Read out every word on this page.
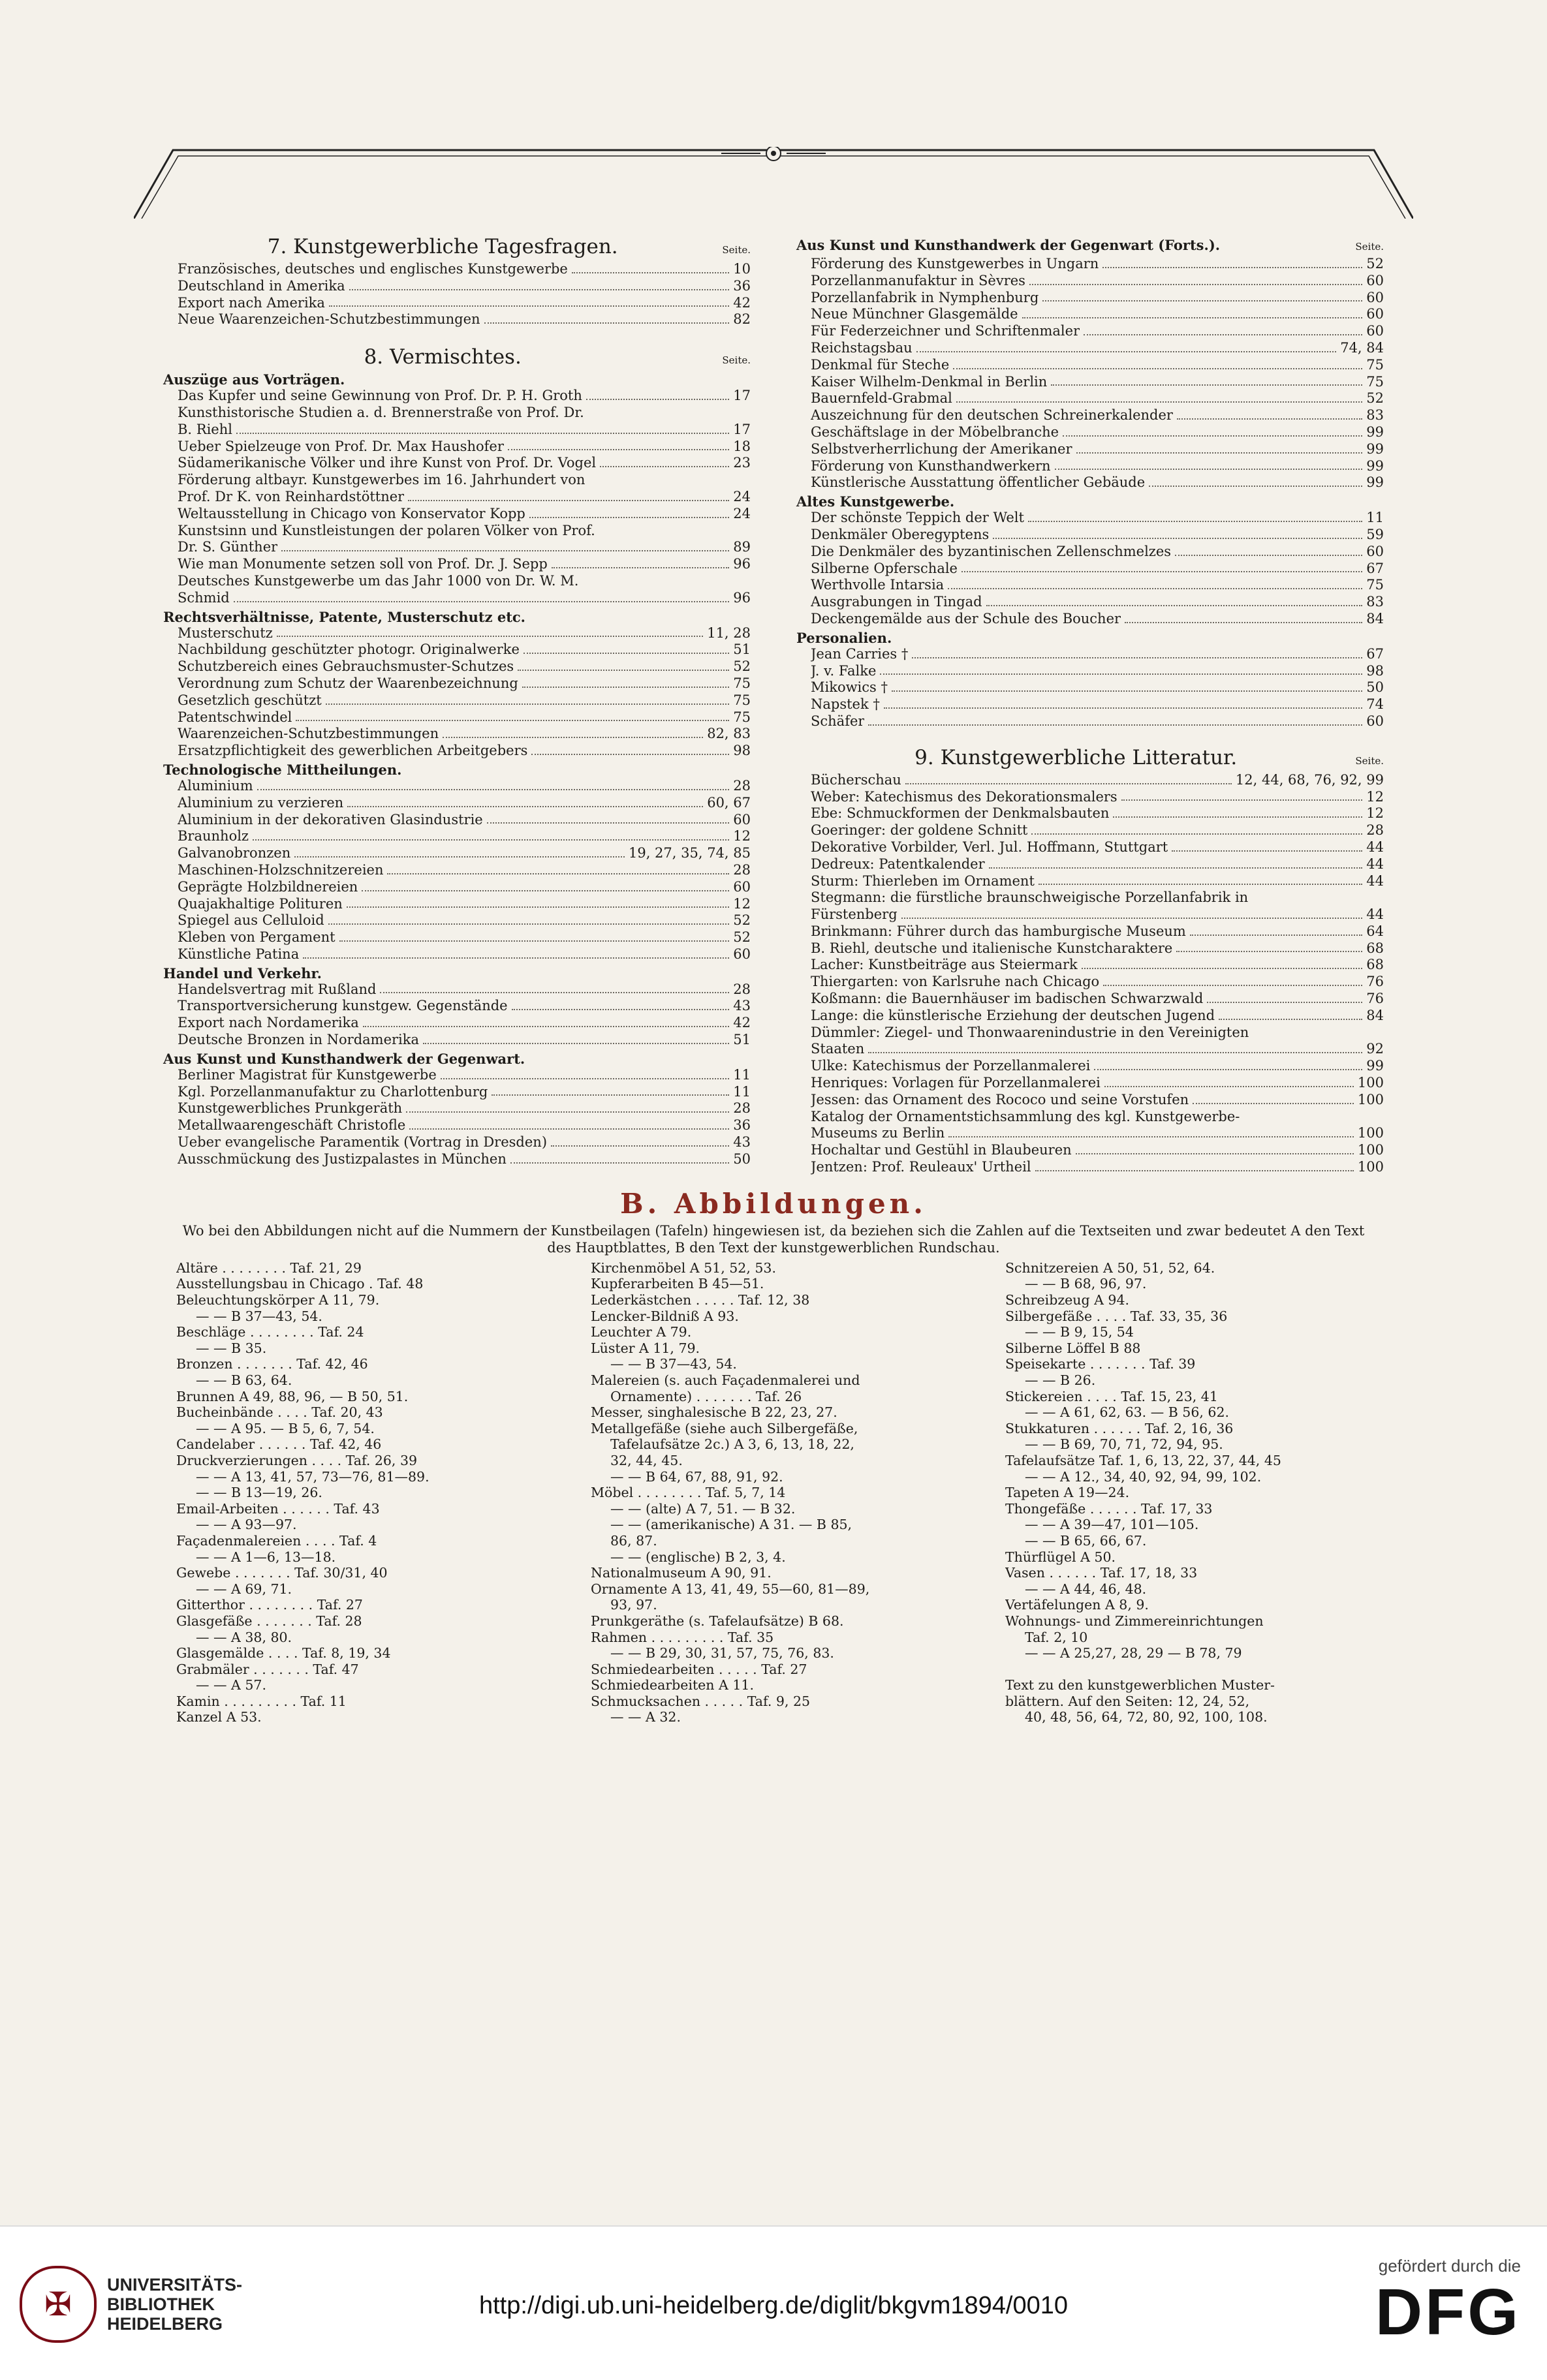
7. Kunstgewerbliche Tagesfragen.	Seite.
Französisches, deutsches und englisches Kunstgewerbe	10
Deutschland in Amerika	36
Export nach Amerika	42
Neue Waarenzeichen-Schutzbestimmungen	82
8. Vermischtes.	Seite.
Auszüge aus Vorträgen.
Das Kupfer und seine Gewinnung von Prof. Dr. P. H. Groth	17
Kunsthistorische Studien a. d. Brennerstraße von Prof. Dr.
B. Riehl	17
Ueber Spielzeuge von Prof. Dr. Max Haushofer	18
Südamerikanische Völker und ihre Kunst von Prof. Dr. Vogel	23
Förderung altbayr. Kunstgewerbes im 16. Jahrhundert von
Prof. Dr K. von Reinhardstöttner	24
Weltausstellung in Chicago von Konservator Kopp	24
Kunstsinn und Kunstleistungen der polaren Völker von Prof.
Dr. S. Günther	89
Wie man Monumente setzen soll von Prof. Dr. J. Sepp	96
Deutsches Kunstgewerbe um das Jahr 1000 von Dr. W. M.
Schmid	96
Rechtsverhältnisse, Patente, Musterschutz etc.
Musterschutz	11, 28
Nachbildung geschützter photogr. Originalwerke	51
Schutzbereich eines Gebrauchsmuster-Schutzes	52
Verordnung zum Schutz der Waarenbezeichnung	75
Gesetzlich geschützt	75
Patentschwindel	75
Waarenzeichen-Schutzbestimmungen	82, 83
Ersatzpflichtigkeit des gewerblichen Arbeitgebers	98
Technologische Mittheilungen.
Aluminium	28
Aluminium zu verzieren	60, 67
Aluminium in der dekorativen Glasindustrie	60
Braunholz	12
Galvanobronzen	19, 27, 35, 74, 85
Maschinen-Holzschnitzereien	28
Geprägte Holzbildnereien	60
Quajakhaltige Polituren	12
Spiegel aus Celluloid	52
Kleben von Pergament	52
Künstliche Patina	60
Handel und Verkehr.
Handelsvertrag mit Rußland	28
Transportversicherung kunstgew. Gegenstände	43
Export nach Nordamerika	42
Deutsche Bronzen in Nordamerika	51
Aus Kunst und Kunsthandwerk der Gegenwart.
Berliner Magistrat für Kunstgewerbe	11
Kgl. Porzellanmanufaktur zu Charlottenburg	11
Kunstgewerbliches Prunkgeräth	28
Metallwaarengeschäft Christofle	36
Ueber evangelische Paramentik (Vortrag in Dresden)	43
Ausschmückung des Justizpalastes in München	50
Aus Kunst und Kunsthandwerk der Gegenwart (Forts.).	Seite.
Förderung des Kunstgewerbes in Ungarn	52
Porzellanmanufaktur in Sèvres	60
Porzellanfabrik in Nymphenburg	60
Neue Münchner Glasgemälde	60
Für Federzeichner und Schriftenmaler	60
Reichstagsbau	74, 84
Denkmal für Steche	75
Kaiser Wilhelm-Denkmal in Berlin	75
Bauernfeld-Grabmal	52
Auszeichnung für den deutschen Schreinerkalender	83
Geschäftslage in der Möbelbranche	99
Selbstverherrlichung der Amerikaner	99
Förderung von Kunsthandwerkern	99
Künstlerische Ausstattung öffentlicher Gebäude	99
Altes Kunstgewerbe.
Der schönste Teppich der Welt	11
Denkmäler Oberegyptens	59
Die Denkmäler des byzantinischen Zellenschmelzes	60
Silberne Opferschale	67
Werthvolle Intarsia	75
Ausgrabungen in Tingad	83
Deckengemälde aus der Schule des Boucher	84
Personalien.
Jean Carries †	67
J. v. Falke	98
Mikowics †	50
Napstek †	74
Schäfer	60
9. Kunstgewerbliche Litteratur.	Seite.
Bücherschau	12, 44, 68, 76, 92, 99
Weber: Katechismus des Dekorationsmalers	12
Ebe: Schmuckformen der Denkmalsbauten	12
Goeringer: der goldene Schnitt	28
Dekorative Vorbilder, Verl. Jul. Hoffmann, Stuttgart	44
Dedreux: Patentkalender	44
Sturm: Thierleben im Ornament	44
Stegmann: die fürstliche braunschweigische Porzellanfabrik in
Fürstenberg	44
Brinkmann: Führer durch das hamburgische Museum	64
B. Riehl, deutsche und italienische Kunstcharaktere	68
Lacher: Kunstbeiträge aus Steiermark	68
Thiergarten: von Karlsruhe nach Chicago	76
Koßmann: die Bauernhäuser im badischen Schwarzwald	76
Lange: die künstlerische Erziehung der deutschen Jugend	84
Dümmler: Ziegel- und Thonwaarenindustrie in den Vereinigten
Staaten	92
Ulke: Katechismus der Porzellanmalerei	99
Henriques: Vorlagen für Porzellanmalerei	100
Jessen: das Ornament des Rococo und seine Vorstufen	100
Katalog der Ornamentstichsammlung des kgl. Kunstgewerbe-
Museums zu Berlin	100
Hochaltar und Gestühl in Blaubeuren	100
Jentzen: Prof. Reuleaux' Urtheil	100
B. Abbildungen.
Wo bei den Abbildungen nicht auf die Nummern der Kunstbeilagen (Tafeln) hingewiesen ist, da beziehen sich die Zahlen auf die Textseiten und zwar bedeutet A den Text des Hauptblattes, B den Text der kunstgewerblichen Rundschau.
Altäre . . . . . . . . Taf. 21, 29
Ausstellungsbau in Chicago . Taf. 48
Beleuchtungskörper A 11, 79.
— — B 37—43, 54.
Beschläge . . . . . . . . Taf. 24
— — B 35.
Bronzen . . . . . . . Taf. 42, 46
— — B 63, 64.
Brunnen A 49, 88, 96, — B 50, 51.
Bucheinbände . . . . Taf. 20, 43
— — A 95. — B 5, 6, 7, 54.
Candelaber . . . . . . Taf. 42, 46
Druckverzierungen . . . . Taf. 26, 39
— — A 13, 41, 57, 73—76, 81—89.
— — B 13—19, 26.
Email-Arbeiten . . . . . . Taf. 43
— — A 93—97.
Façadenmalereien . . . . Taf. 4
— — A 1—6, 13—18.
Gewebe . . . . . . . Taf. 30/31, 40
— — A 69, 71.
Gitterthor . . . . . . . . Taf. 27
Glasgefäße . . . . . . . Taf. 28
— — A 38, 80.
Glasgemälde . . . . Taf. 8, 19, 34
Grabmäler . . . . . . . Taf. 47
— — A 57.
Kamin . . . . . . . . . Taf. 11
Kanzel A 53.
Kirchenmöbel A 51, 52, 53.
Kupferarbeiten B 45—51.
Lederkästchen . . . . . Taf. 12, 38
Lencker-Bildniß A 93.
Leuchter A 79.
Lüster A 11, 79.
— — B 37—43, 54.
Malereien (s. auch Façadenmalerei und
Ornamente) . . . . . . . Taf. 26
Messer, singhalesische B 22, 23, 27.
Metallgefäße (siehe auch Silbergefäße,
Tafelaufsätze 2c.) A 3, 6, 13, 18, 22,
32, 44, 45.
— — B 64, 67, 88, 91, 92.
Möbel . . . . . . . . Taf. 5, 7, 14
— — (alte) A 7, 51. — B 32.
— — (amerikanische) A 31. — B 85,
86, 87.
— — (englische) B 2, 3, 4.
Nationalmuseum A 90, 91.
Ornamente A 13, 41, 49, 55—60, 81—89,
93, 97.
Prunkgeräthe (s. Tafelaufsätze) B 68.
Rahmen . . . . . . . . . Taf. 35
— — B 29, 30, 31, 57, 75, 76, 83.
Schmiedearbeiten . . . . . Taf. 27
Schmiedearbeiten A 11.
Schmucksachen . . . . . Taf. 9, 25
— — A 32.
Schnitzereien A 50, 51, 52, 64.
— — B 68, 96, 97.
Schreibzeug A 94.
Silbergefäße . . . . Taf. 33, 35, 36
— — B 9, 15, 54
Silberne Löffel B 88
Speisekarte . . . . . . . Taf. 39
— — B 26.
Stickereien . . . . Taf. 15, 23, 41
— — A 61, 62, 63. — B 56, 62.
Stukkaturen . . . . . . Taf. 2, 16, 36
— — B 69, 70, 71, 72, 94, 95.
Tafelaufsätze Taf. 1, 6, 13, 22, 37, 44, 45
— — A 12., 34, 40, 92, 94, 99, 102.
Tapeten A 19—24.
Thongefäße . . . . . . Taf. 17, 33
— — A 39—47, 101—105.
— — B 65, 66, 67.
Thürflügel A 50.
Vasen . . . . . . Taf. 17, 18, 33
— — A 44, 46, 48.
Vertäfelungen A 8, 9.
Wohnungs- und Zimmereinrichtungen
Taf. 2, 10
— — A 25,27, 28, 29 — B 78, 79

Text zu den kunstgewerblichen Muster-
blättern. Auf den Seiten: 12, 24, 52,
40, 48, 56, 64, 72, 80, 92, 100, 108.
✠
UNIVERSITÄTS-
BIBLIOTHEK
HEIDELBERG
http://digi.ub.uni-heidelberg.de/diglit/bkgvm1894/0010
gefördert durch die
DFG
